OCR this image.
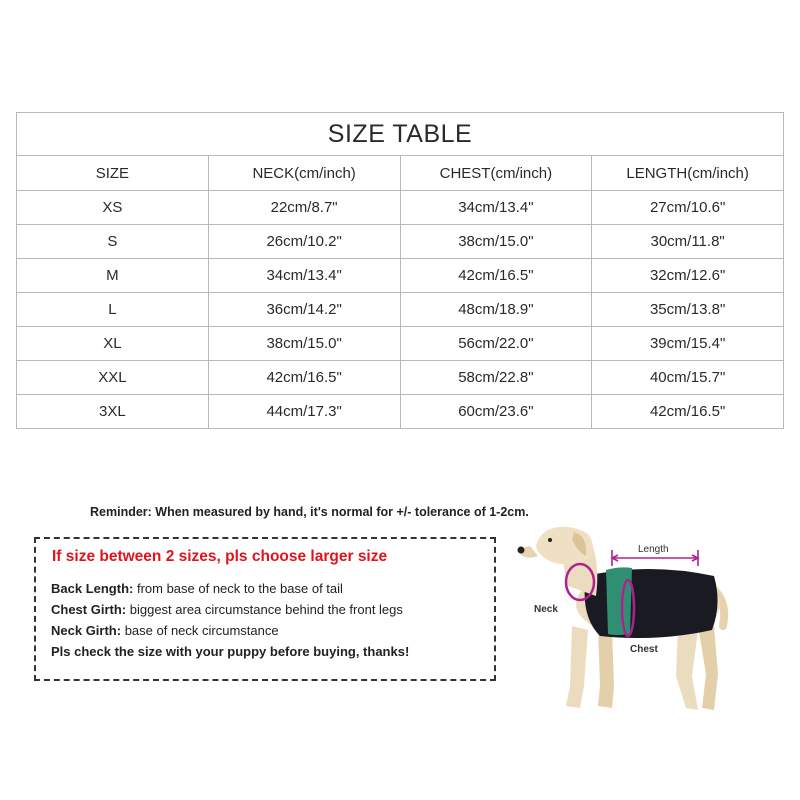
SIZE TABLE			
SIZE	NECK(cm/inch)	CHEST(cm/inch)	LENGTH(cm/inch)
XS	22cm/8.7"	34cm/13.4"	27cm/10.6"
S	26cm/10.2"	38cm/15.0"	30cm/11.8"
M	34cm/13.4"	42cm/16.5"	32cm/12.6"
L	36cm/14.2"	48cm/18.9"	35cm/13.8"
XL	38cm/15.0"	56cm/22.0"	39cm/15.4"
XXL	42cm/16.5"	58cm/22.8"	40cm/15.7"
3XL	44cm/17.3"	60cm/23.6"	42cm/16.5"
Reminder: When measured by hand, it's normal for +/- tolerance of 1-2cm.
If size between 2 sizes, pls choose larger size
Back Length: from base of neck to the base of tail
Chest Girth: biggest area circumstance behind the front legs
Neck Girth: base of neck circumstance
Pls check the size with your puppy before buying, thanks!
Length
Neck
Chest
